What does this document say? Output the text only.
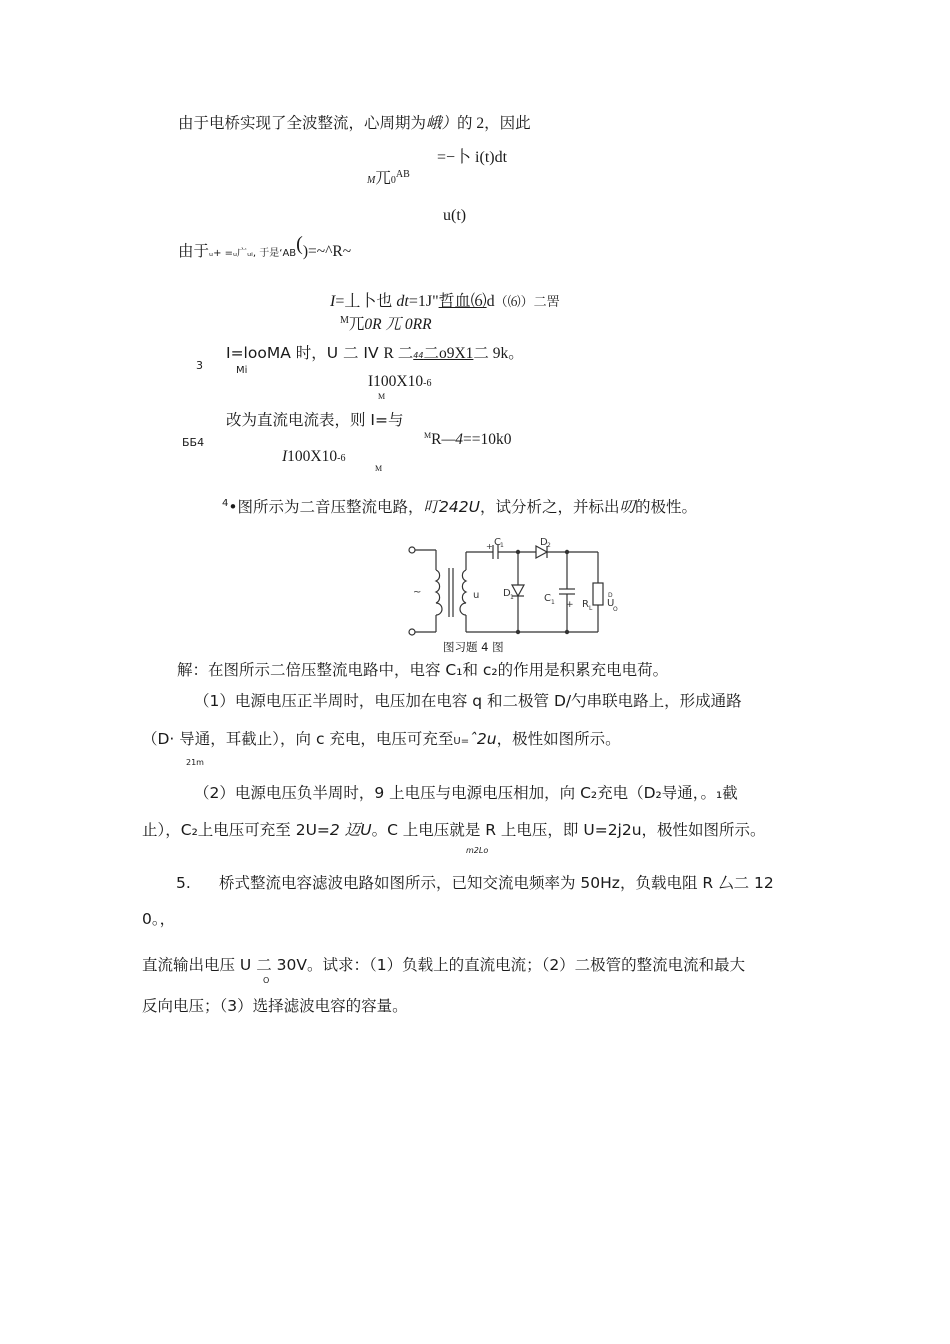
由于电桥实现了全波整流，心周期为峨）的 2，因此
=−卜 i(t)dt
M兀$0^{AB}$
u(t)
由于ᵤ+ =ᵤ广ᵤᵢ, 于是‘AB()=~^R~
I=丄卜也 dt=1J"哲血⑹d（⑹）二罟
$^M$兀0R 兀 0RR
3
I=looMA 时，U 二 IV R 二44二o9X1二 9k。
Mi
I100X10-6
M
改为直流电流表，则 I=与
$^M$R—4==10k0
ББ4
I100X10-6
M
$^4$•图所示为二音压整流电路，叮242U，试分析之，并标出叨的极性。
~	u
C 1
+	D 2
D 1	C 1 + R L
D
U
O
图习题 4 图
解：在图所示二倍压整流电路中，电容 C₁和 c₂的作用是积累充电电荷。
（1）电源电压正半周时，电压加在电容 q 和二极管 D/勺串联电路上，形成通路
（D· 导通，耳截止），向 c 充电，电压可充至U=ˆ2u，极性如图所示。
21m
（2）电源电压负半周时，9 上电压与电源电压相加，向 C₂充电（D₂导通，。₁截
止），C₂上电压可充至 2U=2 迈U。C 上电压就是 R 上电压，即 U=2j2u，极性如图所示。
m2Lo
5. 桥式整流电容滤波电路如图所示，已知交流电频率为 50Hz，负载电阻 R 厶二 12
0。，
直流输出电压 U 二 30V。试求：（1）负载上的直流电流；（2）二极管的整流电流和最大
O
反向电压；（3）选择滤波电容的容量。
